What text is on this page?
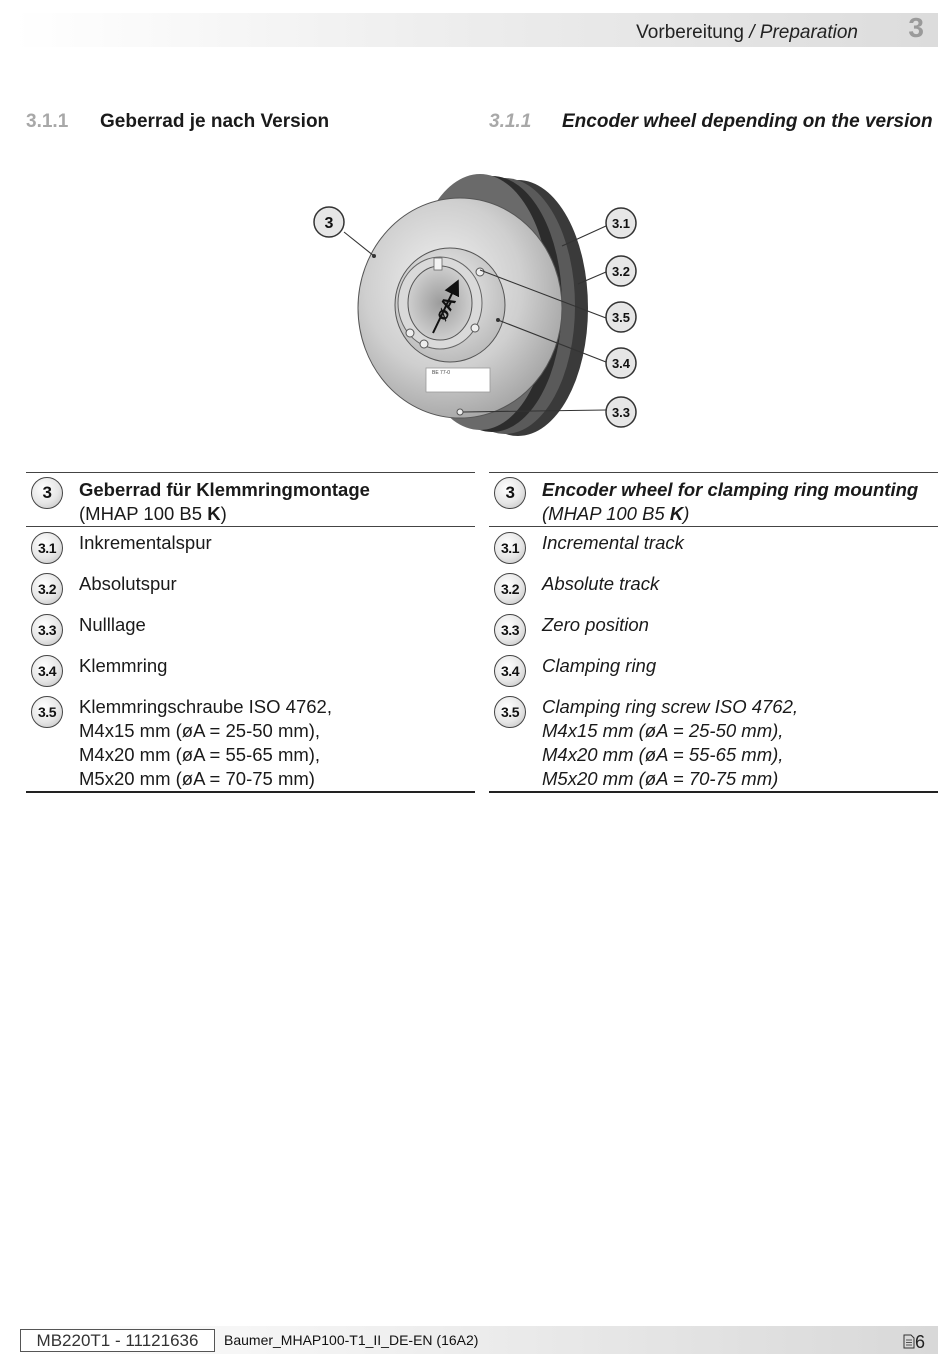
Vorbereitung / Preparation 3
3.1.1 Geberrad je nach Version	3.1.1 Encoder wheel depending on the version
øA
BE 77-0
3	3.1
3.2
3.5
3.4
3.3
3	Geberrad für Klemmringmontage
(MHAP 100 B5 K)
3.1	Inkrementalspur
3.2	Absolutspur
3.3	Nulllage
3.4	Klemmring
3.5	Klemmringschraube ISO 4762,
M4x15 mm (øA = 25-50 mm),
M4x20 mm (øA = 55-65 mm),
M5x20 mm (øA = 70-75 mm)
3	Encoder wheel for clamping ring mounting
(MHAP 100 B5 K)
3.1	Incremental track
3.2	Absolute track
3.3	Zero position
3.4	Clamping ring
3.5	Clamping ring screw ISO 4762,
M4x15 mm (øA = 25-50 mm),
M4x20 mm (øA = 55-65 mm),
M5x20 mm (øA = 70-75 mm)
MB220T1 - 11121636	Baumer_MHAP100-T1_II_DE-EN (16A2)	6
